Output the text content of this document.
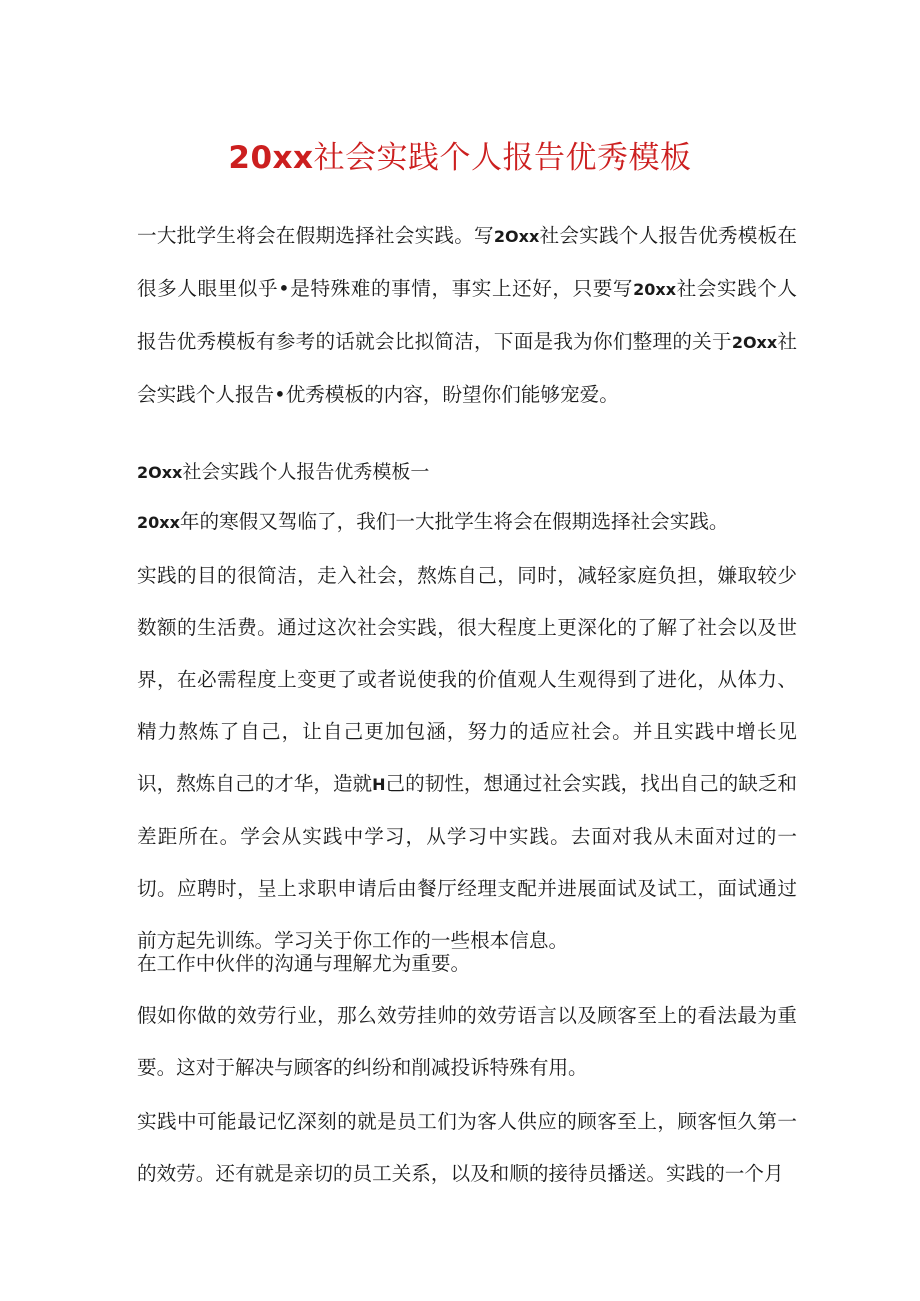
20xx社会实践个人报告优秀模板
一大批学生将会在假期选择社会实践。写2Oxx社会实践个人报告优秀模板在很多人眼里似乎•是特殊难的事情，事实上还好，只要写20xx社会实践个人报告优秀模板有参考的话就会比拟简洁，下面是我为你们整理的关于2Oxx社会实践个人报告•优秀模板的内容，盼望你们能够宠爱。
2Oxx社会实践个人报告优秀模板一
20xx年的寒假又驾临了，我们一大批学生将会在假期选择社会实践。
实践的目的很简洁，走入社会，熬炼自己，同时，减轻家庭负担，嫌取较少数额的生活费。通过这次社会实践，很大程度上更深化的了解了社会以及世界，在必需程度上变更了或者说使我的价值观人生观得到了进化，从体力、精力熬炼了自己，让自己更加包涵，努力的适应社会。并且实践中增长见识，熬炼自己的才华，造就H己的韧性，想通过社会实践，找出自己的缺乏和差距所在。学会从实践中学习，从学习中实践。去面对我从未面对过的一切。应聘时，呈上求职申请后由餐厅经理支配并进展面试及试工，面试通过前方起先训练。学习关于你工作的一些根本信息。
在工作中伙伴的沟通与理解尤为重要。
假如你做的效劳行业，那么效劳挂帅的效劳语言以及顾客至上的看法最为重要。这对于解决与顾客的纠纷和削减投诉特殊有用。
实践中可能最记忆深刻的就是员工们为客人供应的顾客至上，顾客恒久第一的效劳。还有就是亲切的员工关系，以及和顺的接待员播送。实践的一个月
